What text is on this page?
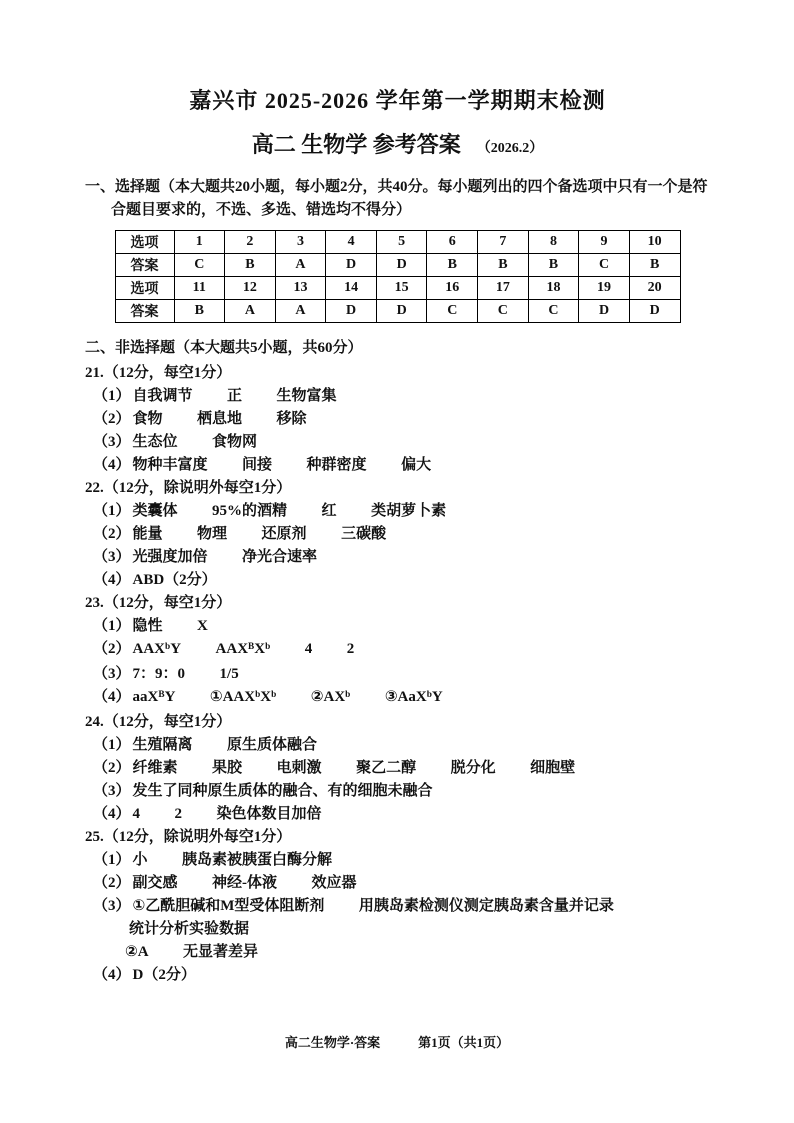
嘉兴市 2025-2026 学年第一学期期末检测
高二 生物学 参考答案 （2026.2）

一、选择题（本大题共20小题，每小题2分，共40分。每小题列出的四个备选项中只有一个是符合题目要求的，不选、多选、错选均不得分）

选项	1	2	3	4	5	6	7	8	9	10
答案	C	B	A	D	D	B	B	B	C	B
选项	11	12	13	14	15	16	17	18	19	20
答案	B	A	A	D	D	C	C	C	D	D

二、非选择题（本大题共5小题，共60分）

21.（12分，每空1分）
（1） 自我调节 正 生物富集
（2） 食物 栖息地 移除
（3） 生态位 食物网
（4） 物种丰富度 间接 种群密度 偏大
22.（12分，除说明外每空1分）
（1） 类囊体 95%的酒精 红 类胡萝卜素
（2） 能量 物理 还原剂 三碳酸
（3） 光强度加倍 净光合速率
（4） ABD（2分）
23.（12分，每空1分）
（1） 隐性 X
（2） AAX$^b$Y $AAX^BX^b$ 4 2
（3） 7：9：0 1/5
（4） aaX$^B$Y $①AAX^bX^b$ $②AX^b$ ③AaX$^b$Y
24.（12分，每空1分）
（1） 生殖隔离 原生质体融合
（2） 纤维素 果胶 电刺激 聚乙二醇 脱分化 细胞壁
（3） 发生了同种原生质体的融合、有的细胞未融合
（4） 4 2 染色体数目加倍
25.（12分，除说明外每空1分）
（1） 小 胰岛素被胰蛋白酶分解
（2） 副交感 神经-体液 效应器
（3） ①乙酰胆碱和M型受体阻断剂 用胰岛素检测仪测定胰岛素含量并记录
统计分析实验数据
②A 无显著差异
（4） D（2分）
高二生物学·答案	第1页（共1页）
